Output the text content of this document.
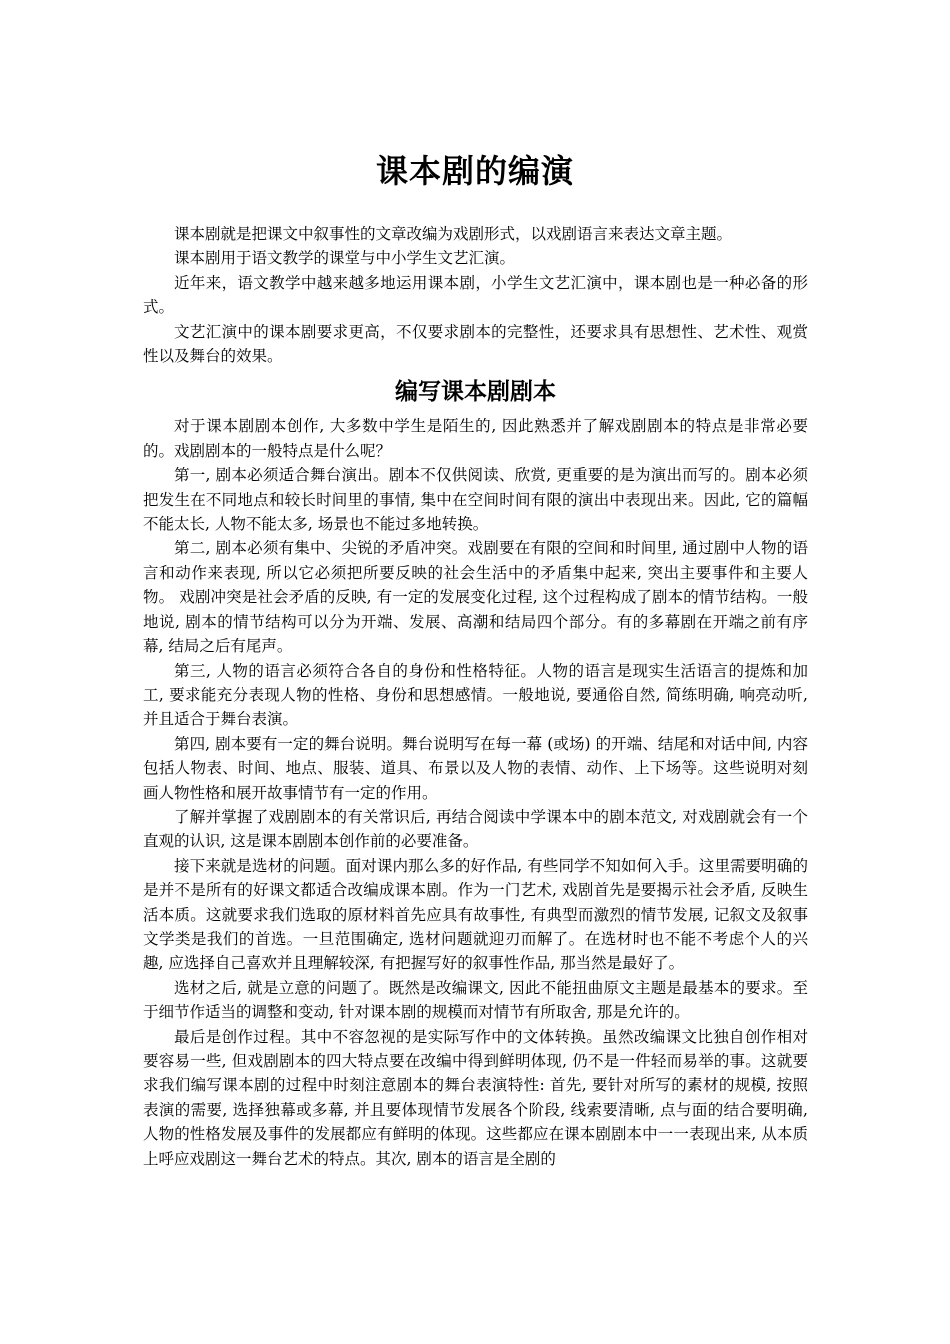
课本剧的编演

课本剧就是把课文中叙事性的文章改编为戏剧形式，以戏剧语言来表达文章主题。

课本剧用于语文教学的课堂与中小学生文艺汇演。

近年来，语文教学中越来越多地运用课本剧，小学生文艺汇演中，课本剧也是一种必备的形式。

文艺汇演中的课本剧要求更高，不仅要求剧本的完整性，还要求具有思想性、艺术性、观赏性以及舞台的效果。

编写课本剧剧本

对于课本剧剧本创作, 大多数中学生是陌生的, 因此熟悉并了解戏剧剧本的特点是非常必要的。戏剧剧本的一般特点是什么呢？

第一, 剧本必须适合舞台演出。剧本不仅供阅读、欣赏, 更重要的是为演出而写的。剧本必须把发生在不同地点和较长时间里的事情, 集中在空间时间有限的演出中表现出来。因此, 它的篇幅不能太长, 人物不能太多, 场景也不能过多地转换。

第二, 剧本必须有集中、尖锐的矛盾冲突。戏剧要在有限的空间和时间里, 通过剧中人物的语言和动作来表现, 所以它必须把所要反映的社会生活中的矛盾集中起来, 突出主要事件和主要人物。 戏剧冲突是社会矛盾的反映, 有一定的发展变化过程, 这个过程构成了剧本的情节结构。一般地说, 剧本的情节结构可以分为开端、发展、高潮和结局四个部分。有的多幕剧在开端之前有序幕, 结局之后有尾声。

第三, 人物的语言必须符合各自的身份和性格特征。人物的语言是现实生活语言的提炼和加工, 要求能充分表现人物的性格、身份和思想感情。一般地说, 要通俗自然, 简练明确, 响亮动听, 并且适合于舞台表演。

第四, 剧本要有一定的舞台说明。舞台说明写在每一幕 (或场) 的开端、结尾和对话中间, 内容包括人物表、时间、地点、服装、道具、布景以及人物的表情、动作、上下场等。这些说明对刻画人物性格和展开故事情节有一定的作用。

了解并掌握了戏剧剧本的有关常识后, 再结合阅读中学课本中的剧本范文, 对戏剧就会有一个直观的认识, 这是课本剧剧本创作前的必要准备。

接下来就是选材的问题。面对课内那么多的好作品, 有些同学不知如何入手。这里需要明确的是并不是所有的好课文都适合改编成课本剧。作为一门艺术, 戏剧首先是要揭示社会矛盾, 反映生活本质。这就要求我们选取的原材料首先应具有故事性, 有典型而激烈的情节发展, 记叙文及叙事文学类是我们的首选。一旦范围确定, 选材问题就迎刃而解了。在选材时也不能不考虑个人的兴趣, 应选择自己喜欢并且理解较深, 有把握写好的叙事性作品, 那当然是最好了。

选材之后, 就是立意的问题了。既然是改编课文, 因此不能扭曲原文主题是最基本的要求。至于细节作适当的调整和变动, 针对课本剧的规模而对情节有所取舍, 那是允许的。

最后是创作过程。其中不容忽视的是实际写作中的文体转换。虽然改编课文比独自创作相对要容易一些, 但戏剧剧本的四大特点要在改编中得到鲜明体现, 仍不是一件轻而易举的事。这就要求我们编写课本剧的过程中时刻注意剧本的舞台表演特性: 首先, 要针对所写的素材的规模, 按照表演的需要, 选择独幕或多幕, 并且要体现情节发展各个阶段, 线索要清晰, 点与面的结合要明确, 人物的性格发展及事件的发展都应有鲜明的体现。这些都应在课本剧剧本中一一表现出来, 从本质上呼应戏剧这一舞台艺术的特点。其次, 剧本的语言是全剧的
